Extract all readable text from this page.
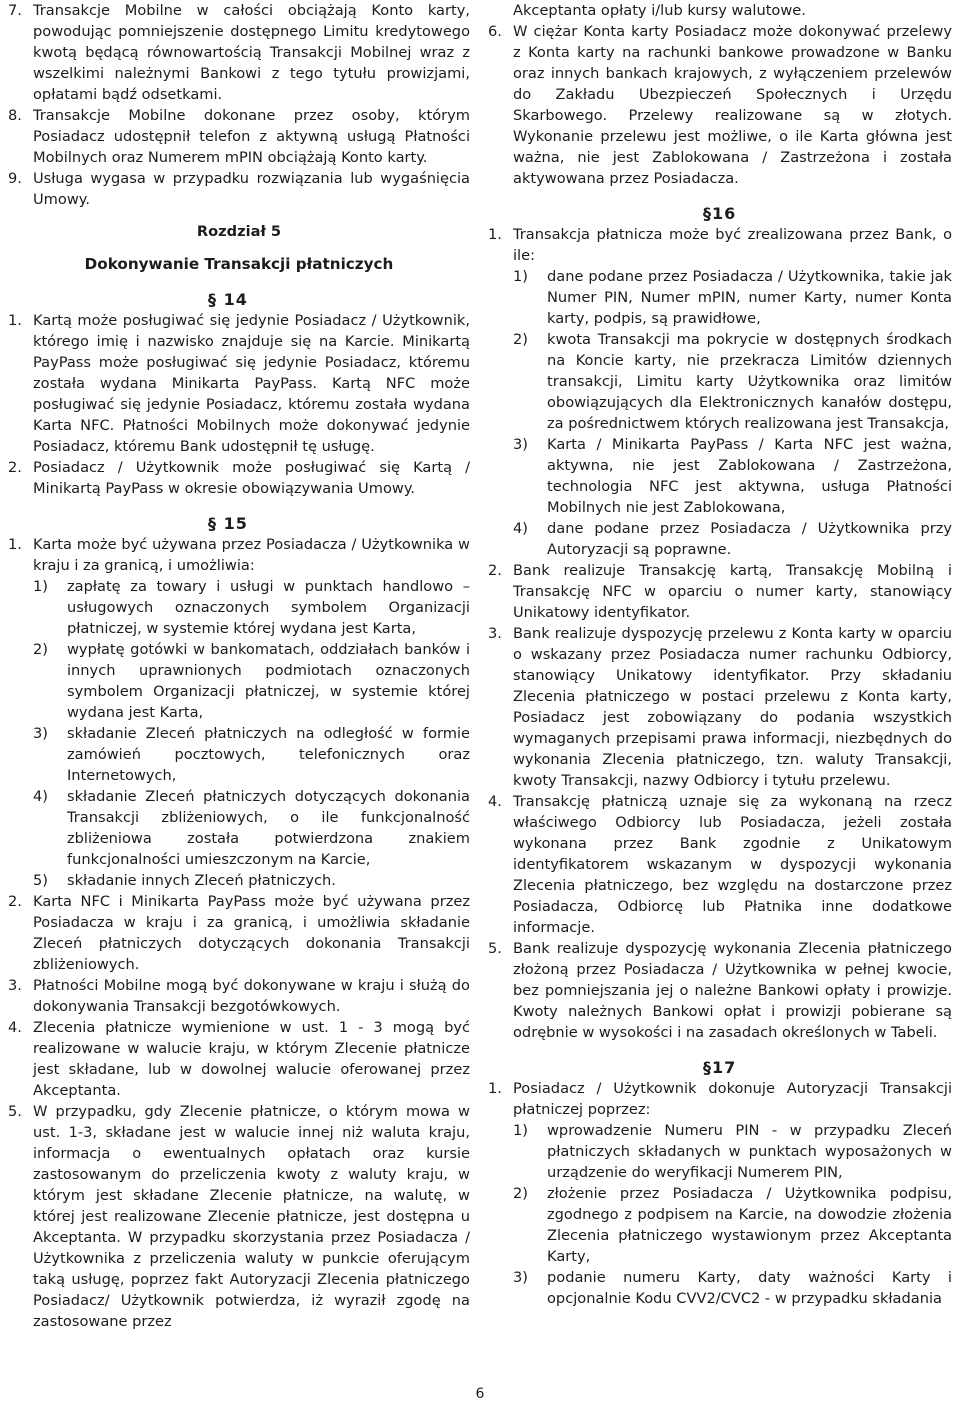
7. Transakcje Mobilne w całości obciążają Konto karty, powodując pomniejszenie dostępnego Limitu kredytowego kwotą będącą równowartością Transakcji Mobilnej wraz z wszelkimi należnymi Bankowi z tego tytułu prowizjami, opłatami bądź odsetkami.
8. Transakcje Mobilne dokonane przez osoby, którym Posiadacz udostępnił telefon z aktywną usługą Płatności Mobilnych oraz Numerem mPIN obciążają Konto karty.
9. Usługa wygasa w przypadku rozwiązania lub wygaśnięcia Umowy.
Rozdział 5
Dokonywanie Transakcji płatniczych
§ 14
1. Kartą może posługiwać się jedynie Posiadacz / Użytkownik, którego imię i nazwisko znajduje się na Karcie. Minikartą PayPass może posługiwać się jedynie Posiadacz, któremu została wydana Minikarta PayPass. Kartą NFC może posługiwać się jedynie Posiadacz, któremu została wydana Karta NFC. Płatności Mobilnych może dokonywać jedynie Posiadacz, któremu Bank udostępnił tę usługę.
2. Posiadacz / Użytkownik może posługiwać się Kartą / Minikartą PayPass w okresie obowiązywania Umowy.
§ 15
1. Karta może być używana przez Posiadacza / Użytkownika w kraju i za granicą, i umożliwia:
1)	zapłatę za towary i usługi w punktach handlowo – usługowych oznaczonych symbolem Organizacji płatniczej, w systemie której wydana jest Karta,
2)	wypłatę gotówki w bankomatach, oddziałach banków i innych uprawnionych podmiotach oznaczonych symbolem Organizacji płatniczej, w systemie której wydana jest Karta,
3)	składanie Zleceń płatniczych na odległość w formie zamówień pocztowych, telefonicznych oraz Internetowych,
4)	składanie Zleceń płatniczych dotyczących dokonania Transakcji zbliżeniowych, o ile funkcjonalność zbliżeniowa została potwierdzona znakiem funkcjonalności umieszczonym na Karcie,
5)	składanie innych Zleceń płatniczych.
2. Karta NFC i Minikarta PayPass może być używana przez Posiadacza w kraju i za granicą, i umożliwia składanie Zleceń płatniczych dotyczących dokonania Transakcji zbliżeniowych.
3. Płatności Mobilne mogą być dokonywane w kraju i służą do dokonywania Transakcji bezgotówkowych.
4. Zlecenia płatnicze wymienione w ust. 1 - 3 mogą być realizowane w walucie kraju, w którym Zlecenie płatnicze jest składane, lub w dowolnej walucie oferowanej przez Akceptanta.
5. W przypadku, gdy Zlecenie płatnicze, o którym mowa w ust. 1-3, składane jest w walucie innej niż waluta kraju, informacja o ewentualnych opłatach oraz kursie zastosowanym do przeliczenia kwoty z waluty kraju, w którym jest składane Zlecenie płatnicze, na walutę, w której jest realizowane Zlecenie płatnicze, jest dostępna u Akceptanta. W przypadku skorzystania przez Posiadacza / Użytkownika z przeliczenia waluty w punkcie oferującym taką usługę, poprzez fakt Autoryzacji Zlecenia płatniczego Posiadacz/ Użytkownik potwierdza, iż wyraził zgodę na zastosowane przez
Akceptanta opłaty i/lub kursy walutowe.
6. W ciężar Konta karty Posiadacz może dokonywać przelewy z Konta karty na rachunki bankowe prowadzone w Banku oraz innych bankach krajowych, z wyłączeniem przelewów do Zakładu Ubezpieczeń Społecznych i Urzędu Skarbowego. Przelewy realizowane są w złotych. Wykonanie przelewu jest możliwe, o ile Karta główna jest ważna, nie jest Zablokowana / Zastrzeżona i została aktywowana przez Posiadacza.
§16
1. Transakcja płatnicza może być zrealizowana przez Bank, o ile:
1)	dane podane przez Posiadacza / Użytkownika, takie jak Numer PIN, Numer mPIN, numer Karty, numer Konta karty, podpis, są prawidłowe,
2)	kwota Transakcji ma pokrycie w dostępnych środkach na Koncie karty, nie przekracza Limitów dziennych transakcji, Limitu karty Użytkownika oraz limitów obowiązujących dla Elektronicznych kanałów dostępu, za pośrednictwem których realizowana jest Transakcja,
3)	Karta / Minikarta PayPass / Karta NFC jest ważna, aktywna, nie jest Zablokowana / Zastrzeżona, technologia NFC jest aktywna, usługa Płatności Mobilnych nie jest Zablokowana,
4)	dane podane przez Posiadacza / Użytkownika przy Autoryzacji są poprawne.
2. Bank realizuje Transakcję kartą, Transakcję Mobilną i Transakcję NFC w oparciu o numer karty, stanowiący Unikatowy identyfikator.
3. Bank realizuje dyspozycję przelewu z Konta karty w oparciu o wskazany przez Posiadacza numer rachunku Odbiorcy, stanowiący Unikatowy identyfikator. Przy składaniu Zlecenia płatniczego w postaci przelewu z Konta karty, Posiadacz jest zobowiązany do podania wszystkich wymaganych przepisami prawa informacji, niezbędnych do wykonania Zlecenia płatniczego, tzn. waluty Transakcji, kwoty Transakcji, nazwy Odbiorcy i tytułu przelewu.
4. Transakcję płatniczą uznaje się za wykonaną na rzecz właściwego Odbiorcy lub Posiadacza, jeżeli została wykonana przez Bank zgodnie z Unikatowym identyfikatorem wskazanym w dyspozycji wykonania Zlecenia płatniczego, bez względu na dostarczone przez Posiadacza, Odbiorcę lub Płatnika inne dodatkowe informacje.
5. Bank realizuje dyspozycję wykonania Zlecenia płatniczego złożoną przez Posiadacza / Użytkownika w pełnej kwocie, bez pomniejszania jej o należne Bankowi opłaty i prowizje. Kwoty należnych Bankowi opłat i prowizji pobierane są odrębnie w wysokości i na zasadach określonych w Tabeli.
§17
1. Posiadacz / Użytkownik dokonuje Autoryzacji Transakcji płatniczej poprzez:
1)	wprowadzenie Numeru PIN - w przypadku Zleceń płatniczych składanych w punktach wyposażonych w urządzenie do weryfikacji Numerem PIN,
2)	złożenie przez Posiadacza / Użytkownika podpisu, zgodnego z podpisem na Karcie, na dowodzie złożenia Zlecenia płatniczego wystawionym przez Akceptanta Karty,
3)	podanie numeru Karty, daty ważności Karty i opcjonalnie Kodu CVV2/CVC2 - w przypadku składania
6
